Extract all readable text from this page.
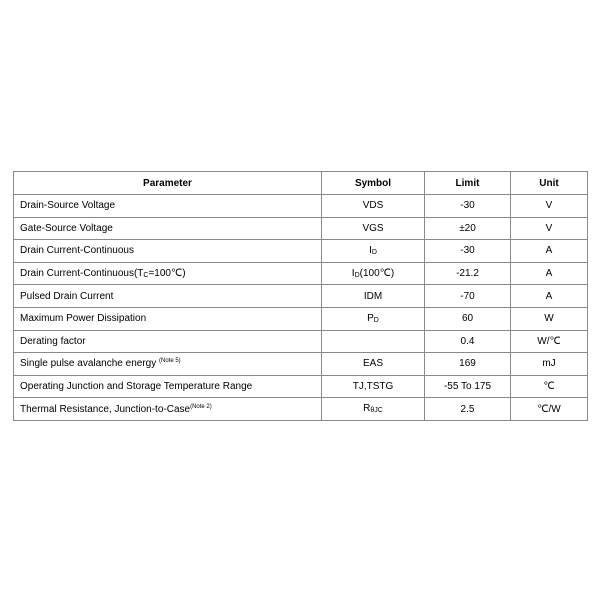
Parameter	Symbol	Limit	Unit
Drain-Source Voltage	VDS	-30	V
Gate-Source Voltage	VGS	±20	V
Drain Current-Continuous	$I_D$	-30	A
Drain Current-$Continuous(T_C=100℃)$	$I_D(100℃)$	-21.2	A
Pulsed Drain Current	IDM	-70	A
Maximum Power Dissipation	$P_D$	60	W
Derating factor		0.4	W/℃
Single pulse avalanche energy $^{(Note 5)}$	EAS	169	mJ
Operating Junction and Storage Temperature Range	TJ,TSTG	-55 To 175	℃
Thermal Resistance, Junction-to-Case$^{(Note 2)}$	$R_{\theta JC}$	2.5	℃/W
